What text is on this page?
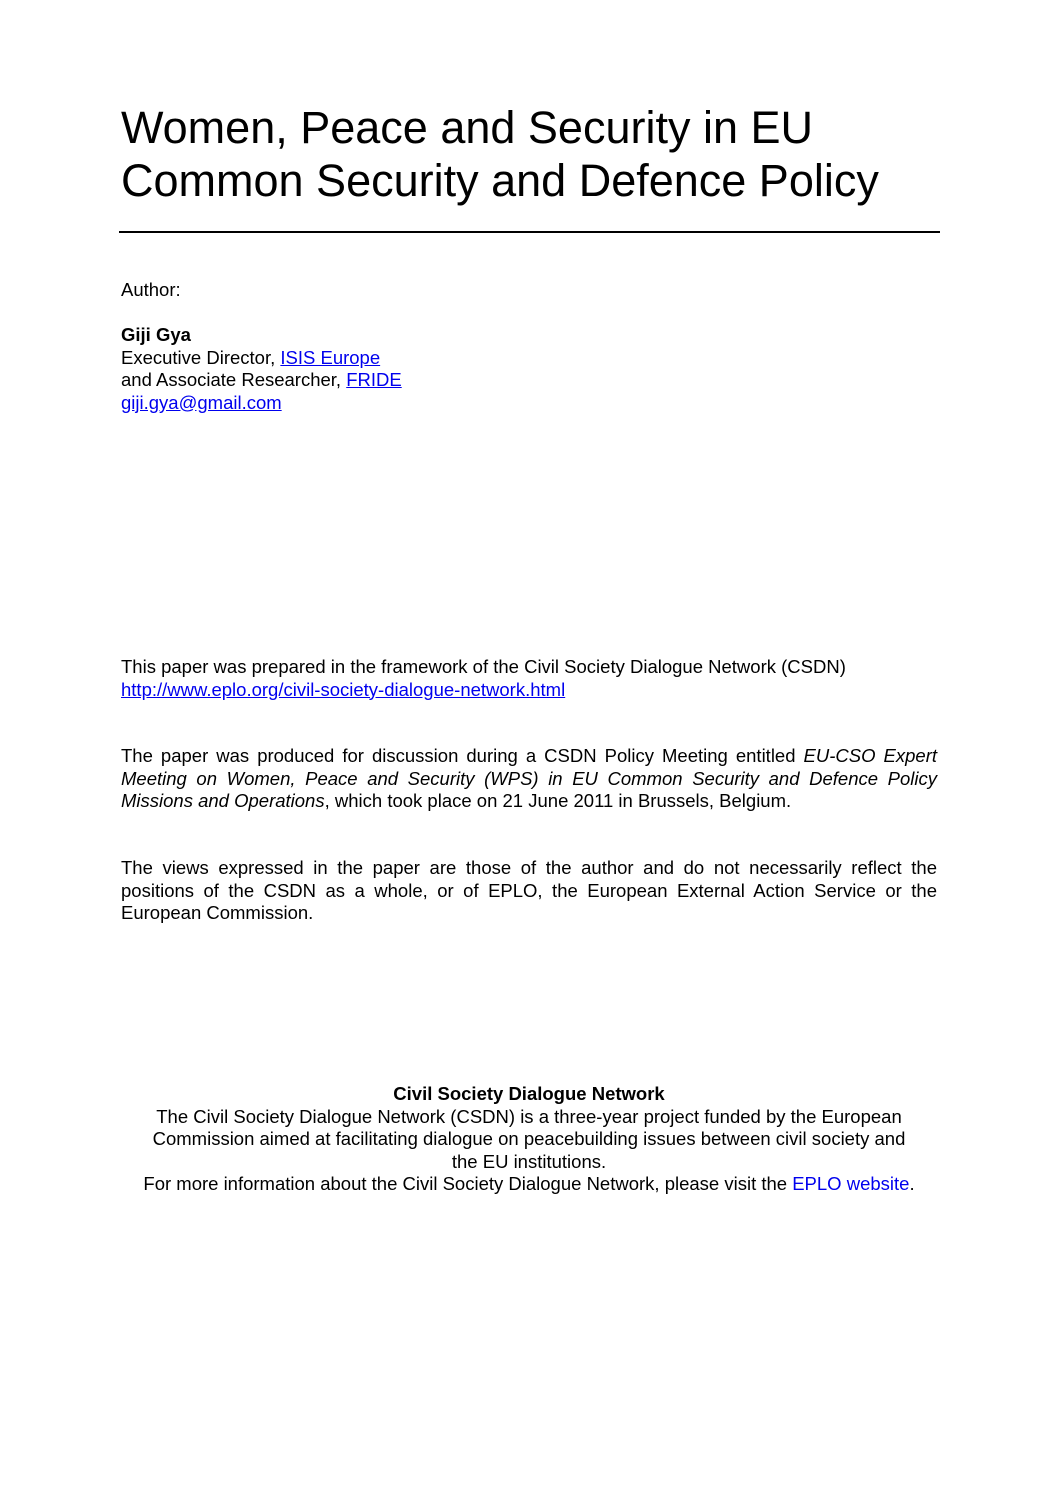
Women, Peace and Security in EU
Common Security and Defence Policy
Author:
Giji Gya
Executive Director, ISIS Europe
and Associate Researcher, FRIDE
giji.gya@gmail.com
This paper was prepared in the framework of the Civil Society Dialogue Network (CSDN)
http://www.eplo.org/civil-society-dialogue-network.html
The paper was produced for discussion during a CSDN Policy Meeting entitled EU-CSO Expert Meeting on Women, Peace and Security (WPS) in EU Common Security and Defence Policy Missions and Operations, which took place on 21 June 2011 in Brussels, Belgium.
The views expressed in the paper are those of the author and do not necessarily reflect the positions of the CSDN as a whole, or of EPLO, the European External Action Service or the European Commission.
Civil Society Dialogue Network
The Civil Society Dialogue Network (CSDN) is a three-year project funded by the European
Commission aimed at facilitating dialogue on peacebuilding issues between civil society and
the EU institutions.
For more information about the Civil Society Dialogue Network, please visit the EPLO website.
